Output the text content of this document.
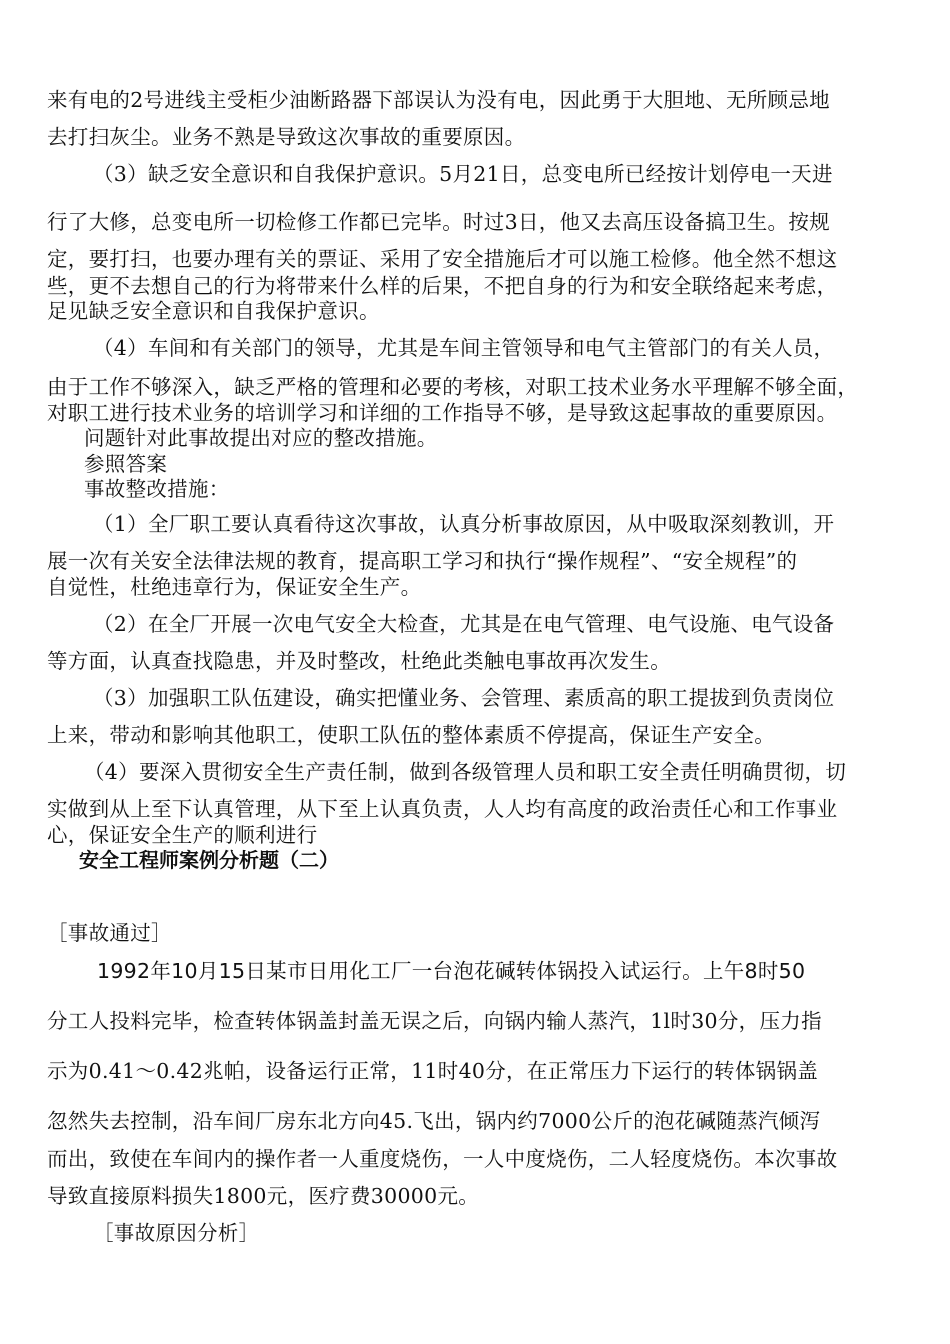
来有电的2号进线主受柜少油断路器下部误认为没有电，因此勇于大胆地、无所顾忌地
去打扫灰尘。业务不熟是导致这次事故的重要原因。
（3）缺乏安全意识和自我保护意识。5月21日，总变电所已经按计划停电一天进
行了大修，总变电所一切检修工作都已完毕。时过3日，他又去高压设备搞卫生。按规
定，要打扫，也要办理有关的票证、采用了安全措施后才可以施工检修。他全然不想这
些，更不去想自己的行为将带来什么样的后果，不把自身的行为和安全联络起来考虑，
足见缺乏安全意识和自我保护意识。
（4）车间和有关部门的领导，尤其是车间主管领导和电气主管部门的有关人员，
由于工作不够深入，缺乏严格的管理和必要的考核，对职工技术业务水平理解不够全面，
对职工进行技术业务的培训学习和详细的工作指导不够，是导致这起事故的重要原因。
问题针对此事故提出对应的整改措施。
参照答案
事故整改措施：
（1）全厂职工要认真看待这次事故，认真分析事故原因，从中吸取深刻教训，开
展一次有关安全法律法规的教育，提高职工学习和执行“操作规程”、“安全规程”的
自觉性，杜绝违章行为，保证安全生产。
（2）在全厂开展一次电气安全大检查，尤其是在电气管理、电气设施、电气设备
等方面，认真查找隐患，并及时整改，杜绝此类触电事故再次发生。
（3）加强职工队伍建设，确实把懂业务、会管理、素质高的职工提拔到负责岗位
上来，带动和影响其他职工，使职工队伍的整体素质不停提高，保证生产安全。
（4）要深入贯彻安全生产责任制，做到各级管理人员和职工安全责任明确贯彻，切
实做到从上至下认真管理，从下至上认真负责，人人均有高度的政治责任心和工作事业
心，保证安全生产的顺利进行
安全工程师案例分析题（二）
［事故通过］
1992年10月15日某市日用化工厂一台泡花碱转体锅投入试运行。上午8时50
分工人投料完毕，检查转体锅盖封盖无误之后，向锅内输人蒸汽，1l时30分，压力指
示为0.41～0.42兆帕，设备运行正常，11时40分，在正常压力下运行的转体锅锅盖
忽然失去控制，沿车间厂房东北方向45.飞出，锅内约7000公斤的泡花碱随蒸汽倾泻
而出，致使在车间内的操作者一人重度烧伤，一人中度烧伤，二人轻度烧伤。本次事故
导致直接原料损失1800元，医疗费30000元。
［事故原因分析］
